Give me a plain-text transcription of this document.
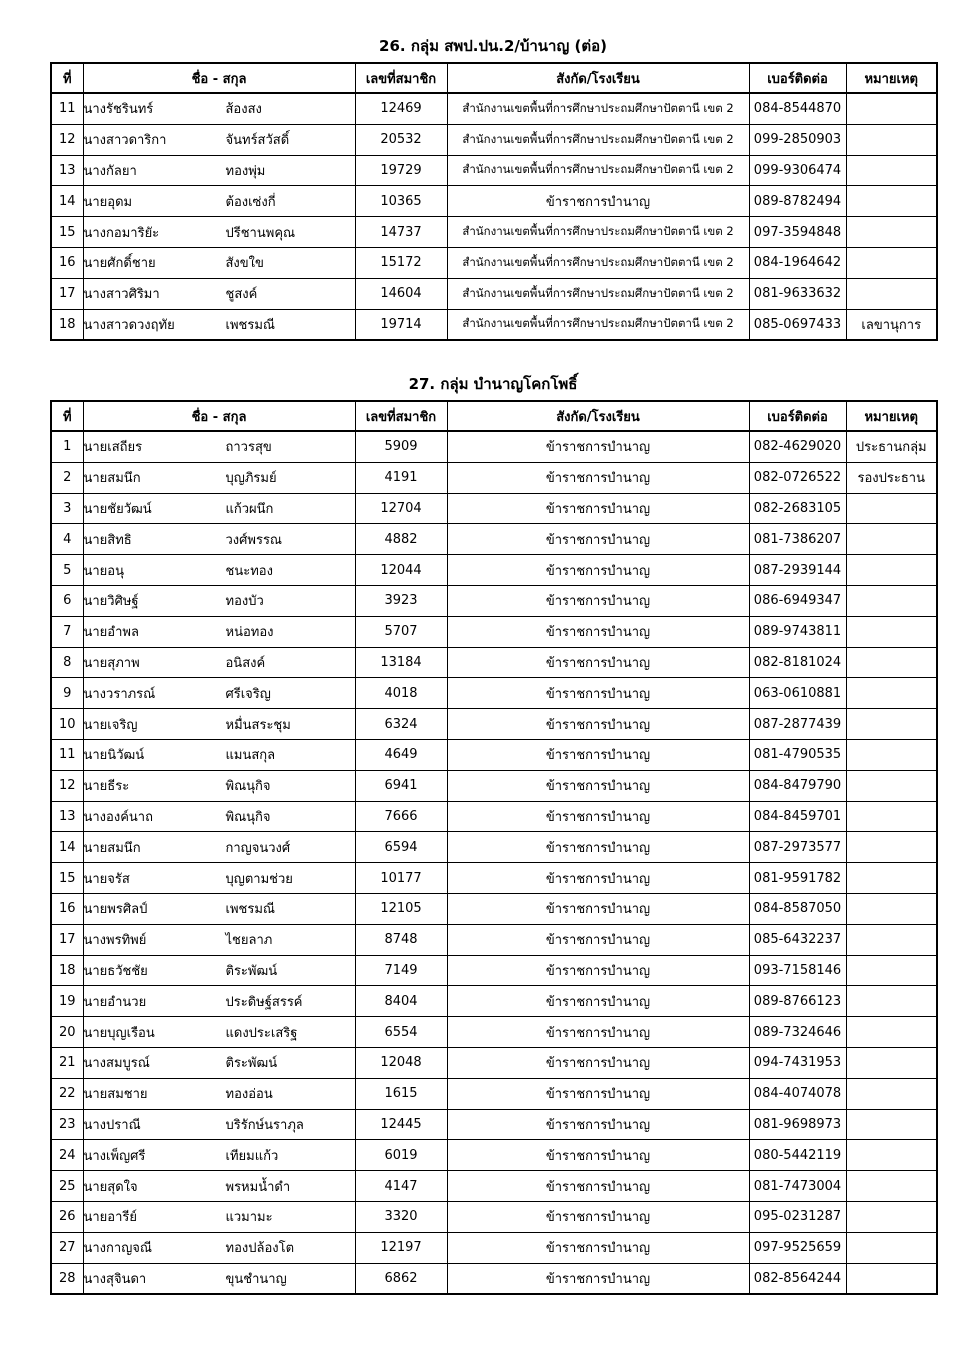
26. กลุ่ม สพป.ปน.2/บ้านาญ (ต่อ)
ที่	ชื่อ - สกุล	เลขที่สมาชิก	สังกัด/โรงเรียน	เบอร์ติดต่อ	หมายเหตุ
11	นางรัชรินทร์ ส้องสง	12469	สำนักงานเขตพื้นที่การศึกษาประถมศึกษาปัตตานี เขต 2	084-8544870	
12	นางสาวดาริกา จันทร์สวัสดิ์	20532	สำนักงานเขตพื้นที่การศึกษาประถมศึกษาปัตตานี เขต 2	099-2850903	
13	นางกัลยา ทองพุ่ม	19729	สำนักงานเขตพื้นที่การศึกษาประถมศึกษาปัตตานี เขต 2	099-9306474	
14	นายอุดม ต้องเซ่งกี่	10365	ข้าราชการบำนาญ	089-8782494	
15	นางกอมาริยัะ ปรีชานพคุณ	14737	สำนักงานเขตพื้นที่การศึกษาประถมศึกษาปัตตานี เขต 2	097-3594848	
16	นายศักดิ์ชาย สังขใข	15172	สำนักงานเขตพื้นที่การศึกษาประถมศึกษาปัตตานี เขต 2	084-1964642	
17	นางสาวศิริมา ชูสงค์	14604	สำนักงานเขตพื้นที่การศึกษาประถมศึกษาปัตตานี เขต 2	081-9633632	
18	นางสาวดวงฤทัย เพชรมณี	19714	สำนักงานเขตพื้นที่การศึกษาประถมศึกษาปัตตานี เขต 2	085-0697433	เลขานุการ
27. กลุ่ม บำนาญโคกโพธิ์
ที่	ชื่อ - สกุล	เลขที่สมาชิก	สังกัด/โรงเรียน	เบอร์ติดต่อ	หมายเหตุ
1	นายเสถียร ถาวรสุข	5909	ข้าราชการบำนาญ	082-4629020	ประธานกลุ่ม
2	นายสมนึก บุญภิรมย์	4191	ข้าราชการบำนาญ	082-0726522	รองประธาน
3	นายชัยวัฒน์ แก้วผนึก	12704	ข้าราชการบำนาญ	082-2683105	
4	นายสิทธิ วงศ์พรรณ	4882	ข้าราชการบำนาญ	081-7386207	
5	นายอนุ ชนะทอง	12044	ข้าราชการบำนาญ	087-2939144	
6	นายวิศิษฐ์ ทองบัว	3923	ข้าราชการบำนาญ	086-6949347	
7	นายอำพล หน่อทอง	5707	ข้าราชการบำนาญ	089-9743811	
8	นายสุภาพ อนิสงค์	13184	ข้าราชการบำนาญ	082-8181024	
9	นางวราภรณ์ ศรีเจริญ	4018	ข้าราชการบำนาญ	063-0610881	
10	นายเจริญ หมื่นสระชุม	6324	ข้าราชการบำนาญ	087-2877439	
11	นายนิวัฒน์ แมนสกุล	4649	ข้าราชการบำนาญ	081-4790535	
12	นายธีระ พิณนุกิจ	6941	ข้าราชการบำนาญ	084-8479790	
13	นางองค์นาถ พิณนุกิจ	7666	ข้าราชการบำนาญ	084-8459701	
14	นายสมนึก กาญจนวงศ์	6594	ข้าราชการบำนาญ	087-2973577	
15	นายจรัส บุญตามช่วย	10177	ข้าราชการบำนาญ	081-9591782	
16	นายพรศิลป์ เพชรมณี	12105	ข้าราชการบำนาญ	084-8587050	
17	นางพรทิพย์ ไชยลาภ	8748	ข้าราชการบำนาญ	085-6432237	
18	นายธวัชชัย ติระพัฒน์	7149	ข้าราชการบำนาญ	093-7158146	
19	นายอำนวย ประดิษฐ์สรรค์	8404	ข้าราชการบำนาญ	089-8766123	
20	นายบุญเรือน แดงประเสริฐ	6554	ข้าราชการบำนาญ	089-7324646	
21	นางสมบูรณ์ ติระพัฒน์	12048	ข้าราชการบำนาญ	094-7431953	
22	นายสมชาย ทองอ่อน	1615	ข้าราชการบำนาญ	084-4074078	
23	นางปราณี บริรักษ์นราภุล	12445	ข้าราชการบำนาญ	081-9698973	
24	นางเพ็ญศรี เทียมแก้ว	6019	ข้าราชการบำนาญ	080-5442119	
25	นายสุดใจ พรหมน้ำดำ	4147	ข้าราชการบำนาญ	081-7473004	
26	นายอารีย์ แวมามะ	3320	ข้าราชการบำนาญ	095-0231287	
27	นางกาญจณี ทองปล้องโต	12197	ข้าราชการบำนาญ	097-9525659	
28	นางสุจินดา ขุนชำนาญ	6862	ข้าราชการบำนาญ	082-8564244	
